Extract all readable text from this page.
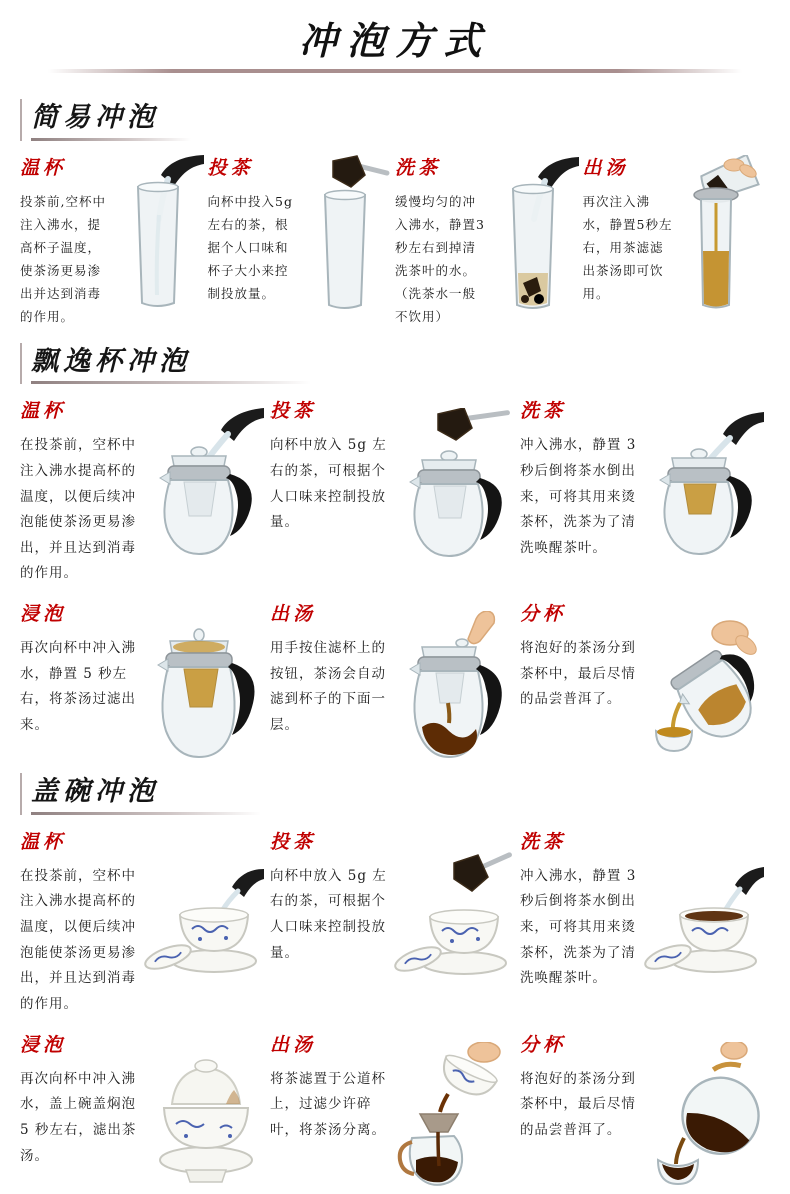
冲泡方式
简易冲泡
温杯

投茶前,空杯中注入沸水，提高杯子温度，使茶汤更易渗出并达到消毒的作用。

投茶

向杯中投入5g左右的茶，根据个人口味和杯子大小来控制投放量。

洗茶

缓慢均匀的冲入沸水，静置3秒左右到掉清洗茶叶的水。（洗茶水一般不饮用）

出汤

再次注入沸水，静置5秒左右，用茶滤滤出茶汤即可饮用。

飘逸杯冲泡
温杯

在投茶前，空杯中注入沸水提高杯的温度，以便后续冲泡能使茶汤更易渗出，并且达到消毒的作用。

投茶

向杯中放入 5g 左右的茶，可根据个人口味来控制投放量。

洗茶

冲入沸水，静置 3 秒后倒将茶水倒出来，可将其用来烫茶杯，洗茶为了清洗唤醒茶叶。

浸泡

再次向杯中冲入沸水，静置 5 秒左右，将茶汤过滤出来。

出汤

用手按住滤杯上的按钮，茶汤会自动滤到杯子的下面一层。

分杯

将泡好的茶汤分到茶杯中，最后尽情的品尝普洱了。

盖碗冲泡
温杯

在投茶前，空杯中注入沸水提高杯的温度，以便后续冲泡能使茶汤更易渗出，并且达到消毒的作用。

投茶

向杯中放入 5g 左右的茶，可根据个人口味来控制投放量。

洗茶

冲入沸水，静置 3 秒后倒将茶水倒出来，可将其用来烫茶杯，洗茶为了清洗唤醒茶叶。

浸泡

再次向杯中冲入沸水，盖上碗盖焖泡 5 秒左右，滤出茶汤。

出汤

将茶滤置于公道杯上，过滤少许碎叶，将茶汤分离。

分杯

将泡好的茶汤分到茶杯中，最后尽情的品尝普洱了。
